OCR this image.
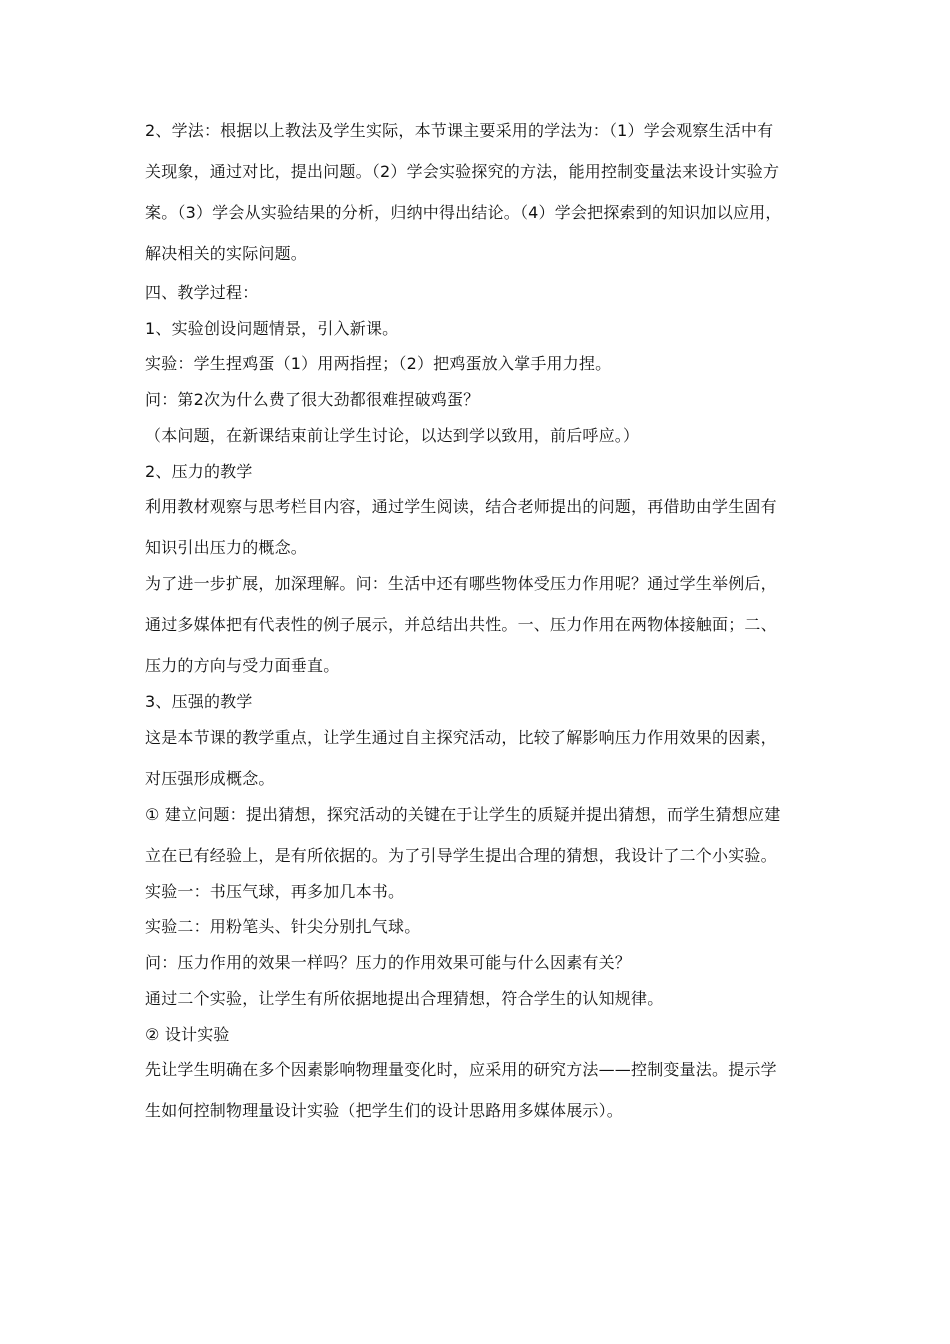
2、学法：根据以上教法及学生实际，本节课主要采用的学法为：（1）学会观察生活中有
关现象，通过对比，提出问题。（2）学会实验探究的方法，能用控制变量法来设计实验方
案。（3）学会从实验结果的分析，归纳中得出结论。（4）学会把探索到的知识加以应用，
解决相关的实际问题。
四、教学过程：
1、实验创设问题情景，引入新课。
实验：学生捏鸡蛋（1）用两指捏；（2）把鸡蛋放入掌手用力捏。
问：第2次为什么费了很大劲都很难捏破鸡蛋？
（本问题，在新课结束前让学生讨论，以达到学以致用，前后呼应。）
2、压力的教学
利用教材观察与思考栏目内容，通过学生阅读，结合老师提出的问题，再借助由学生固有
知识引出压力的概念。
为了进一步扩展，加深理解。问：生活中还有哪些物体受压力作用呢？通过学生举例后，
通过多媒体把有代表性的例子展示，并总结出共性。一、压力作用在两物体接触面；二、
压力的方向与受力面垂直。
3、压强的教学
这是本节课的教学重点，让学生通过自主探究活动，比较了解影响压力作用效果的因素，
对压强形成概念。
① 建立问题：提出猜想，探究活动的关键在于让学生的质疑并提出猜想，而学生猜想应建
立在已有经验上，是有所依据的。为了引导学生提出合理的猜想，我设计了二个小实验。
实验一：书压气球，再多加几本书。
实验二：用粉笔头、针尖分别扎气球。
问：压力作用的效果一样吗？压力的作用效果可能与什么因素有关？
通过二个实验，让学生有所依据地提出合理猜想，符合学生的认知规律。
② 设计实验
先让学生明确在多个因素影响物理量变化时，应采用的研究方法——控制变量法。提示学
生如何控制物理量设计实验（把学生们的设计思路用多媒体展示）。
